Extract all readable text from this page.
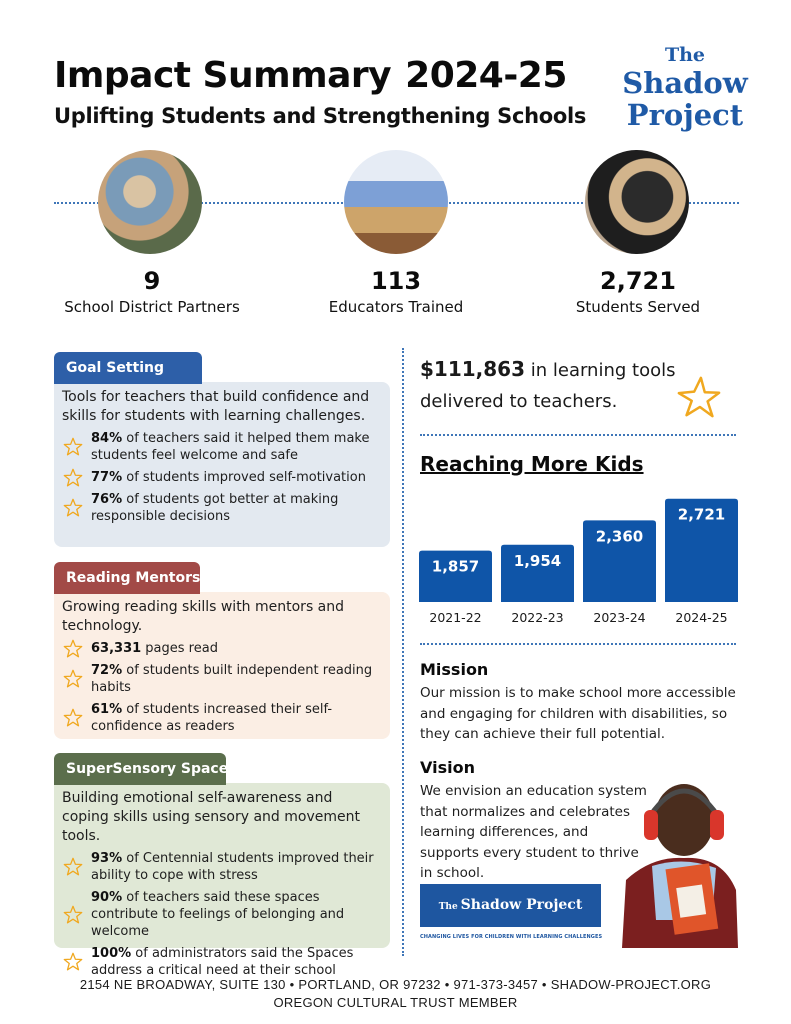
Impact Summary 2024-25
Uplifting Students and Strengthening Schools
The
Shadow
Project
9
School District Partners
113
Educators Trained
2,721
Students Served
Tools for teachers that build confidence and skills for students with learning challenges.
84% of teachers said it helped them make students feel welcome and safe
77% of students improved self-motivation
76% of students got better at making responsible decisions
Goal Setting
Growing reading skills with mentors and technology.
63,331 pages read
72% of students built independent reading habits
61% of students increased their self-confidence as readers
Reading Mentors
Building emotional self-awareness and coping skills using sensory and movement tools.
93% of Centennial students improved their ability to cope with stress
90% of teachers said these spaces contribute to feelings of belonging and welcome
100% of administrators said the Spaces address a critical need at their school
SuperSensory Spaces
$111,863 in learning tools delivered to teachers.
Reaching More Kids
1,857
2021-22
1,954
2022-23
2,360
2023-24
2,721
2024-25
Mission
Our mission is to make school more accessible and engaging for children with disabilities, so they can achieve their full potential.
Vision
We envision an education system that normalizes and celebrates learning differences, and supports every student to thrive in school.
The Shadow Project
CHANGING LIVES FOR CHILDREN WITH LEARNING CHALLENGES
2154 NE BROADWAY, SUITE 130 • PORTLAND, OR 97232 • 971-373-3457 • SHADOW-PROJECT.ORG
OREGON CULTURAL TRUST MEMBER
